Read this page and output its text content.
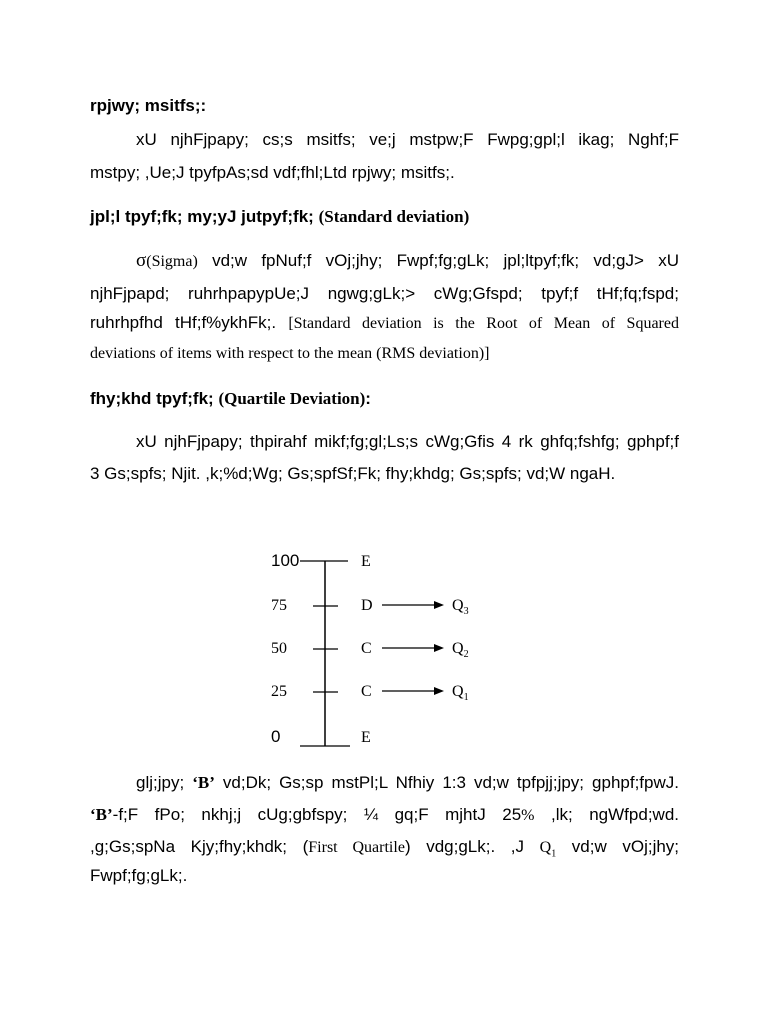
rpjwy; msitfs;:
xU njhFjpapy; cs;s msitfs; ve;j mstpw;F Fwpg;gpl;l ikag; Nghf;F
mstpy; ,Ue;J tpyfpAs;sd vdf;fhl;Ltd rpjwy; msitfs;.
jpl;l tpyf;fk; my;yJ jutpyf;fk; (Standard deviation)
σ(Sigma) vd;w fpNuf;f vOj;jhy; Fwpf;fg;gLk; jpl;ltpyf;fk; vd;gJ> xU
njhFjpapd; ruhrhpapypUe;J ngwg;gLk;> cWg;Gfspd; tpyf;f tHf;fq;fspd;
ruhrhpfhd tHf;f%ykhFk;. [Standard deviation is the Root of Mean of Squared
deviations of items with respect to the mean (RMS deviation)]
fhy;khd tpyf;fk; (Quartile Deviation):
xU njhFjpapy; thpirahf mikf;fg;gl;Ls;s cWg;Gfis 4 rk ghfq;fshfg; gphpf;f
3 Gs;spfs; Njit. ,k;%d;Wg; Gs;spfSf;Fk; fhy;khdg; Gs;spfs; vd;W ngaH.
100
75
50
25
0
E
D
C
C
E
$Q_3$
$Q_2$
$Q_1$
glj;jpy; ‘B’ vd;Dk; Gs;sp mstPl;L Nfhiy 1:3 vd;w tpfpjj;jpy; gphpf;fpwJ.
‘B’-f;F fPo; nkhj;j cUg;gbfspy; ¼ gq;F mjhtJ 25% ,lk; ngWfpd;wd.
,g;Gs;spNa Kjy;fhy;khdk; (First Quartile) vdg;gLk;. ,J $Q_1$ vd;w vOj;jhy;
Fwpf;fg;gLk;.
